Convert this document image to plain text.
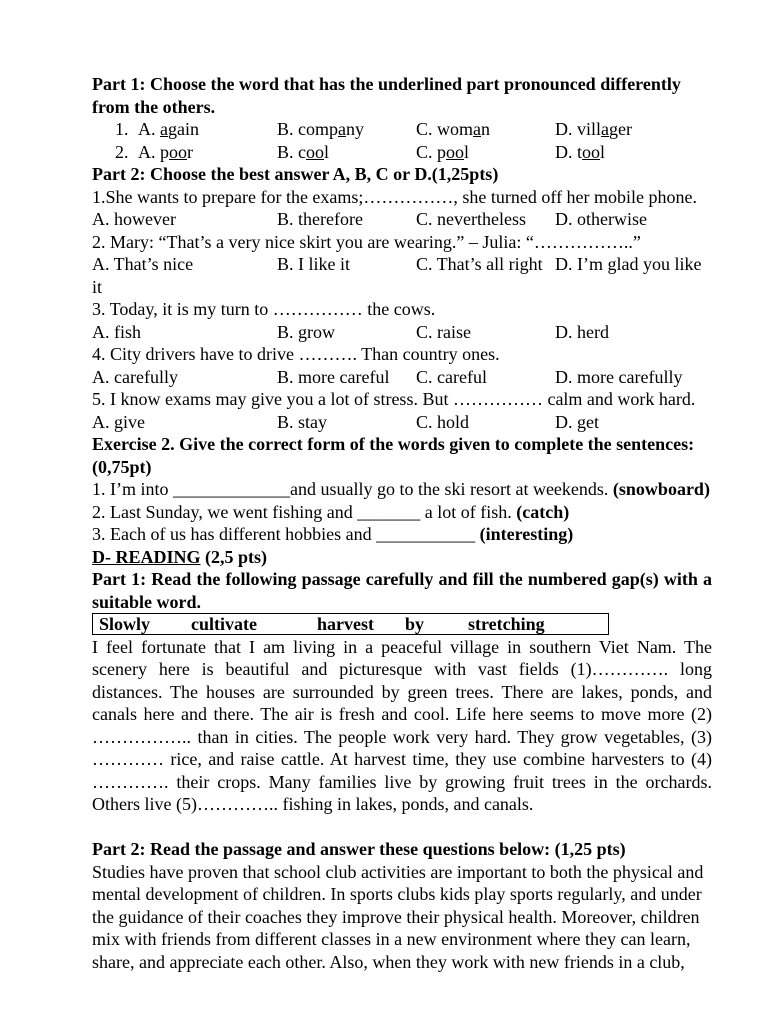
Part 1: Choose the word that has the underlined part pronounced differently
from the others.
1. A. again	B. company	C. woman	D. villager
2. A. poor	B. cool	C. pool	D. tool
Part 2: Choose the best answer A, B, C or D.(1,25pts)
1.She wants to prepare for the exams;……………, she turned off her mobile phone.
A. however	B. therefore	C. nevertheless D. otherwise
2. Mary: “That’s a very nice skirt you are wearing.” – Julia: “……………..”
A. That’s nice	B. I like it	C. That’s all right D. I’m glad you like
it
3. Today, it is my turn to …………… the cows.
A. fish	B. grow	C. raise	D. herd
4. City drivers have to drive ………. Than country ones.
A. carefully	B. more careful C. careful	D. more carefully
5. I know exams may give you a lot of stress. But …………… calm and work hard.
A. give	B. stay	C. hold	D. get
Exercise 2. Give the correct form of the words given to complete the sentences:
(0,75pt)
1. I’m into _____________and usually go to the ski resort at weekends. (snowboard)
2. Last Sunday, we went fishing and _______ a lot of fish. (catch)
3. Each of us has different hobbies and ___________ (interesting)
D- READING (2,5 pts)
Part 1: Read the following passage carefully and fill the numbered gap(s) with a
suitable word.
Slowly cultivate	harvest by stretching
I feel fortunate that I am living in a peaceful village in southern Viet Nam. The
scenery here is beautiful and picturesque with vast fields (1)…………. long
distances. The houses are surrounded by green trees. There are lakes, ponds, and
canals here and there. The air is fresh and cool. Life here seems to move more (2)
…………….. than in cities. The people work very hard. They grow vegetables, (3)
………… rice, and raise cattle. At harvest time, they use combine harvesters to (4)
…………. their crops. Many families live by growing fruit trees in the orchards.
Others live (5)………….. fishing in lakes, ponds, and canals.
Part 2: Read the passage and answer these questions below: (1,25 pts)
Studies have proven that school club activities are important to both the physical and
mental development of children. In sports clubs kids play sports regularly, and under
the guidance of their coaches they improve their physical health. Moreover, children
mix with friends from different classes in a new environment where they can learn,
share, and appreciate each other. Also, when they work with new friends in a club,
